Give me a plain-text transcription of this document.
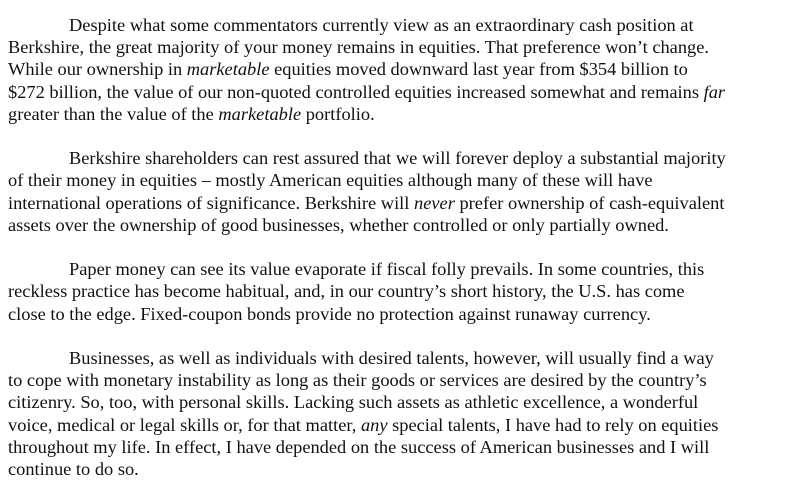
Despite what some commentators currently view as an extraordinary cash position at
Berkshire, the great majority of your money remains in equities. That preference won’t change.
While our ownership in marketable equities moved downward last year from $354 billion to
$272 billion, the value of our non-quoted controlled equities increased somewhat and remains far
greater than the value of the marketable portfolio.

Berkshire shareholders can rest assured that we will forever deploy a substantial majority
of their money in equities – mostly American equities although many of these will have
international operations of significance. Berkshire will never prefer ownership of cash-equivalent
assets over the ownership of good businesses, whether controlled or only partially owned.

Paper money can see its value evaporate if fiscal folly prevails. In some countries, this
reckless practice has become habitual, and, in our country’s short history, the U.S. has come
close to the edge. Fixed-coupon bonds provide no protection against runaway currency.

Businesses, as well as individuals with desired talents, however, will usually find a way
to cope with monetary instability as long as their goods or services are desired by the country’s
citizenry. So, too, with personal skills. Lacking such assets as athletic excellence, a wonderful
voice, medical or legal skills or, for that matter, any special talents, I have had to rely on equities
throughout my life. In effect, I have depended on the success of American businesses and I will
continue to do so.
